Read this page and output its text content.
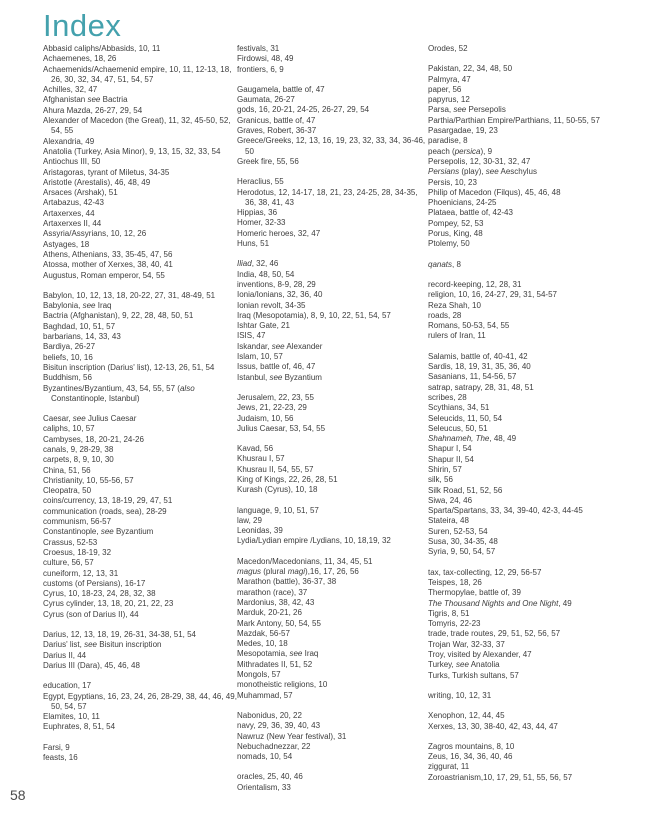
Index
Abbasid caliphs/Abbasids, 10, 11
Achaemenes, 18, 26
Achaemenids/Achaemenid empire, 10, 11, 12-13, 18, 26, 30, 32, 34, 47, 51, 54, 57
Achilles, 32, 47
Afghanistan see Bactria
Ahura Mazda, 26-27, 29, 54
Alexander of Macedon (the Great), 11, 32, 45-50, 52, 54, 55
Alexandria, 49
Anatolia (Turkey, Asia Minor), 9, 13, 15, 32, 33, 54
Antiochus III, 50
Aristagoras, tyrant of Miletus, 34-35
Aristotle (Arestalis), 46, 48, 49
Arsaces (Arshak), 51
Artabazus, 42-43
Artaxerxes, 44
Artaxerxes II, 44
Assyria/Assyrians, 10, 12, 26
Astyages, 18
Athens, Athenians, 33, 35-45, 47, 56
Atossa, mother of Xerxes, 38, 40, 41
Augustus, Roman emperor, 54, 55
Babylon, 10, 12, 13, 18, 20-22, 27, 31, 48-49, 51
Babylonia, see Iraq
Bactria (Afghanistan), 9, 22, 28, 48, 50, 51
Baghdad, 10, 51, 57
barbarians, 14, 33, 43
Bardiya, 26-27
beliefs, 10, 16
Bisitun inscription (Darius' list), 12-13, 26, 51, 54
Buddhism, 56
Byzantines/Byzantium, 43, 54, 55, 57 (also Constantinople, Istanbul)
Caesar, see Julius Caesar
caliphs, 10, 57
Cambyses, 18, 20-21, 24-26
canals, 9, 28-29, 38
carpets, 8, 9, 10, 30
China, 51, 56
Christianity, 10, 55-56, 57
Cleopatra, 50
coins/currency, 13, 18-19, 29, 47, 51
communication (roads, sea), 28-29
communism, 56-57
Constantinople, see Byzantium
Crassus, 52-53
Croesus, 18-19, 32
culture, 56, 57
cuneiform, 12, 13, 31
customs (of Persians), 16-17
Cyrus, 10, 18-23, 24, 28, 32, 38
Cyrus cylinder, 13, 18, 20, 21, 22, 23
Cyrus (son of Darius II), 44
Darius, 12, 13, 18, 19, 26-31, 34-38, 51, 54
Darius' list, see Bisitun inscription
Darius II, 44
Darius III (Dara), 45, 46, 48
education, 17
Egypt, Egyptians, 16, 23, 24, 26, 28-29, 38, 44, 46, 49, 50, 54, 57
Elamites, 10, 11
Euphrates, 8, 51, 54
Farsi, 9
feasts, 16
festivals, 31
Firdowsi, 48, 49
frontiers, 6, 9
Gaugamela, battle of, 47
Gaumata, 26-27
gods, 16, 20-21, 24-25, 26-27, 29, 54
Granicus, battle of, 47
Graves, Robert, 36-37
Greece/Greeks, 12, 13, 16, 19, 23, 32, 33, 34, 36-46, 50
Greek fire, 55, 56
Heraclius, 55
Herodotus, 12, 14-17, 18, 21, 23, 24-25, 28, 34-35, 36, 38, 41, 43
Hippias, 36
Homer, 32-33
Homeric heroes, 32, 47
Huns, 51
Iliad, 32, 46
India, 48, 50, 54
inventions, 8-9, 28, 29
Ionia/Ionians, 32, 36, 40
Ionian revolt, 34-35
Iraq (Mesopotamia), 8, 9, 10, 22, 51, 54, 57
Ishtar Gate, 21
ISIS, 47
Iskandar, see Alexander
Islam, 10, 57
Issus, battle of, 46, 47
Istanbul, see Byzantium
Jerusalem, 22, 23, 55
Jews, 21, 22-23, 29
Judaism, 10, 56
Julius Caesar, 53, 54, 55
Kavad, 56
Khusrau I, 57
Khusrau II, 54, 55, 57
King of Kings, 22, 26, 28, 51
Kurash (Cyrus), 10, 18
language, 9, 10, 51, 57
law, 29
Leonidas, 39
Lydia/Lydian empire /Lydians, 10, 18,19, 32
Macedon/Macedonians, 11, 34, 45, 51
magus (plural magi),16, 17, 26, 56
Marathon (battle), 36-37, 38
marathon (race), 37
Mardonius, 38, 42, 43
Marduk, 20-21, 26
Mark Antony, 50, 54, 55
Mazdak, 56-57
Medes, 10, 18
Mesopotamia, see Iraq
Mithradates II, 51, 52
Mongols, 57
monotheistic religions, 10
Muhammad, 57
Nabonidus, 20, 22
navy, 29, 36, 39, 40, 43
Nawruz (New Year festival), 31
Nebuchadnezzar, 22
nomads, 10, 54
oracles, 25, 40, 46
Orientalism, 33
Orodes, 52
Pakistan, 22, 34, 48, 50
Palmyra, 47
paper, 56
papyrus, 12
Parsa, see Persepolis
Parthia/Parthian Empire/Parthians, 11, 50-55, 57
Pasargadae, 19, 23
paradise, 8
peach (persica), 9
Persepolis, 12, 30-31, 32, 47
Persians (play), see Aeschylus
Persis, 10, 23
Philip of Macedon (Filqus), 45, 46, 48
Phoenicians, 24-25
Plataea, battle of, 42-43
Pompey, 52, 53
Porus, King, 48
Ptolemy, 50
qanats, 8
record-keeping, 12, 28, 31
religion, 10, 16, 24-27, 29, 31, 54-57
Reza Shah, 10
roads, 28
Romans, 50-53, 54, 55
rulers of Iran, 11
Salamis, battle of, 40-41, 42
Sardis, 18, 19, 31, 35, 36, 40
Sasanians, 11, 54-56, 57
satrap, satrapy, 28, 31, 48, 51
scribes, 28
Scythians, 34, 51
Seleucids, 11, 50, 54
Seleucus, 50, 51
Shahnameh, The, 48, 49
Shapur I, 54
Shapur II, 54
Shirin, 57
silk, 56
Silk Road, 51, 52, 56
Siwa, 24, 46
Sparta/Spartans, 33, 34, 39-40, 42-3, 44-45
Stateira, 48
Suren, 52-53, 54
Susa, 30, 34-35, 48
Syria, 9, 50, 54, 57
tax, tax-collecting, 12, 29, 56-57
Teispes, 18, 26
Thermopylae, battle of, 39
The Thousand Nights and One Night, 49
Tigris, 8, 51
Tomyris, 22-23
trade, trade routes, 29, 51, 52, 56, 57
Trojan War, 32-33, 37
Troy, visited by Alexander, 47
Turkey, see Anatolia
Turks, Turkish sultans, 57
writing, 10, 12, 31
Xenophon, 12, 44, 45
Xerxes, 13, 30, 38-40, 42, 43, 44, 47
Zagros mountains, 8, 10
Zeus, 16, 34, 36, 40, 46
ziggurat, 11
Zoroastrianism,10, 17, 29, 51, 55, 56, 57
58
